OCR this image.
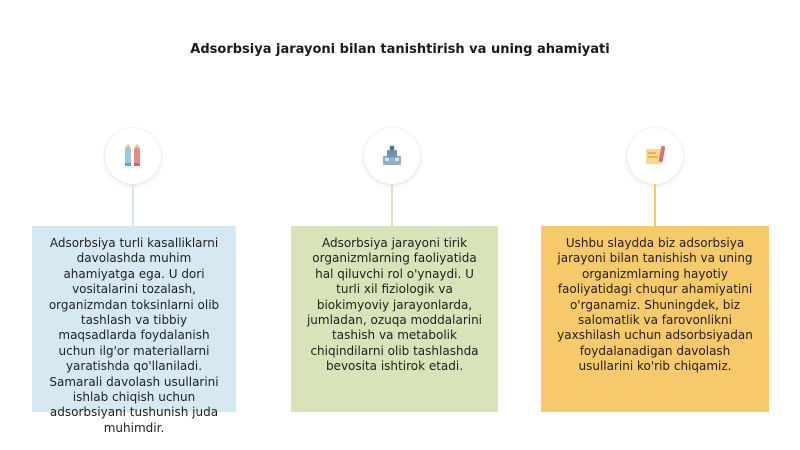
Adsorbsiya jarayoni bilan tanishtirish va uning ahamiyati
Adsorbsiya turli kasalliklarni davolashda muhim ahamiyatga ega. U dori vositalarini tozalash, organizmdan toksinlarni olib tashlash va tibbiy maqsadlarda foydalanish uchun ilg'or materiallarni yaratishda qo'llaniladi. Samarali davolash usullarini ishlab chiqish uchun adsorbsiyani tushunish juda muhimdir.
Adsorbsiya jarayoni tirik organizmlarning faoliyatida hal qiluvchi rol o'ynaydi. U turli xil fiziologik va biokimyoviy jarayonlarda, jumladan, ozuqa moddalarini tashish va metabolik chiqindilarni olib tashlashda bevosita ishtirok etadi.
Ushbu slaydda biz adsorbsiya jarayoni bilan tanishish va uning organizmlarning hayotiy faoliyatidagi chuqur ahamiyatini o'rganamiz. Shuningdek, biz salomatlik va farovonlikni yaxshilash uchun adsorbsiyadan foydalanadigan davolash usullarini ko'rib chiqamiz.
